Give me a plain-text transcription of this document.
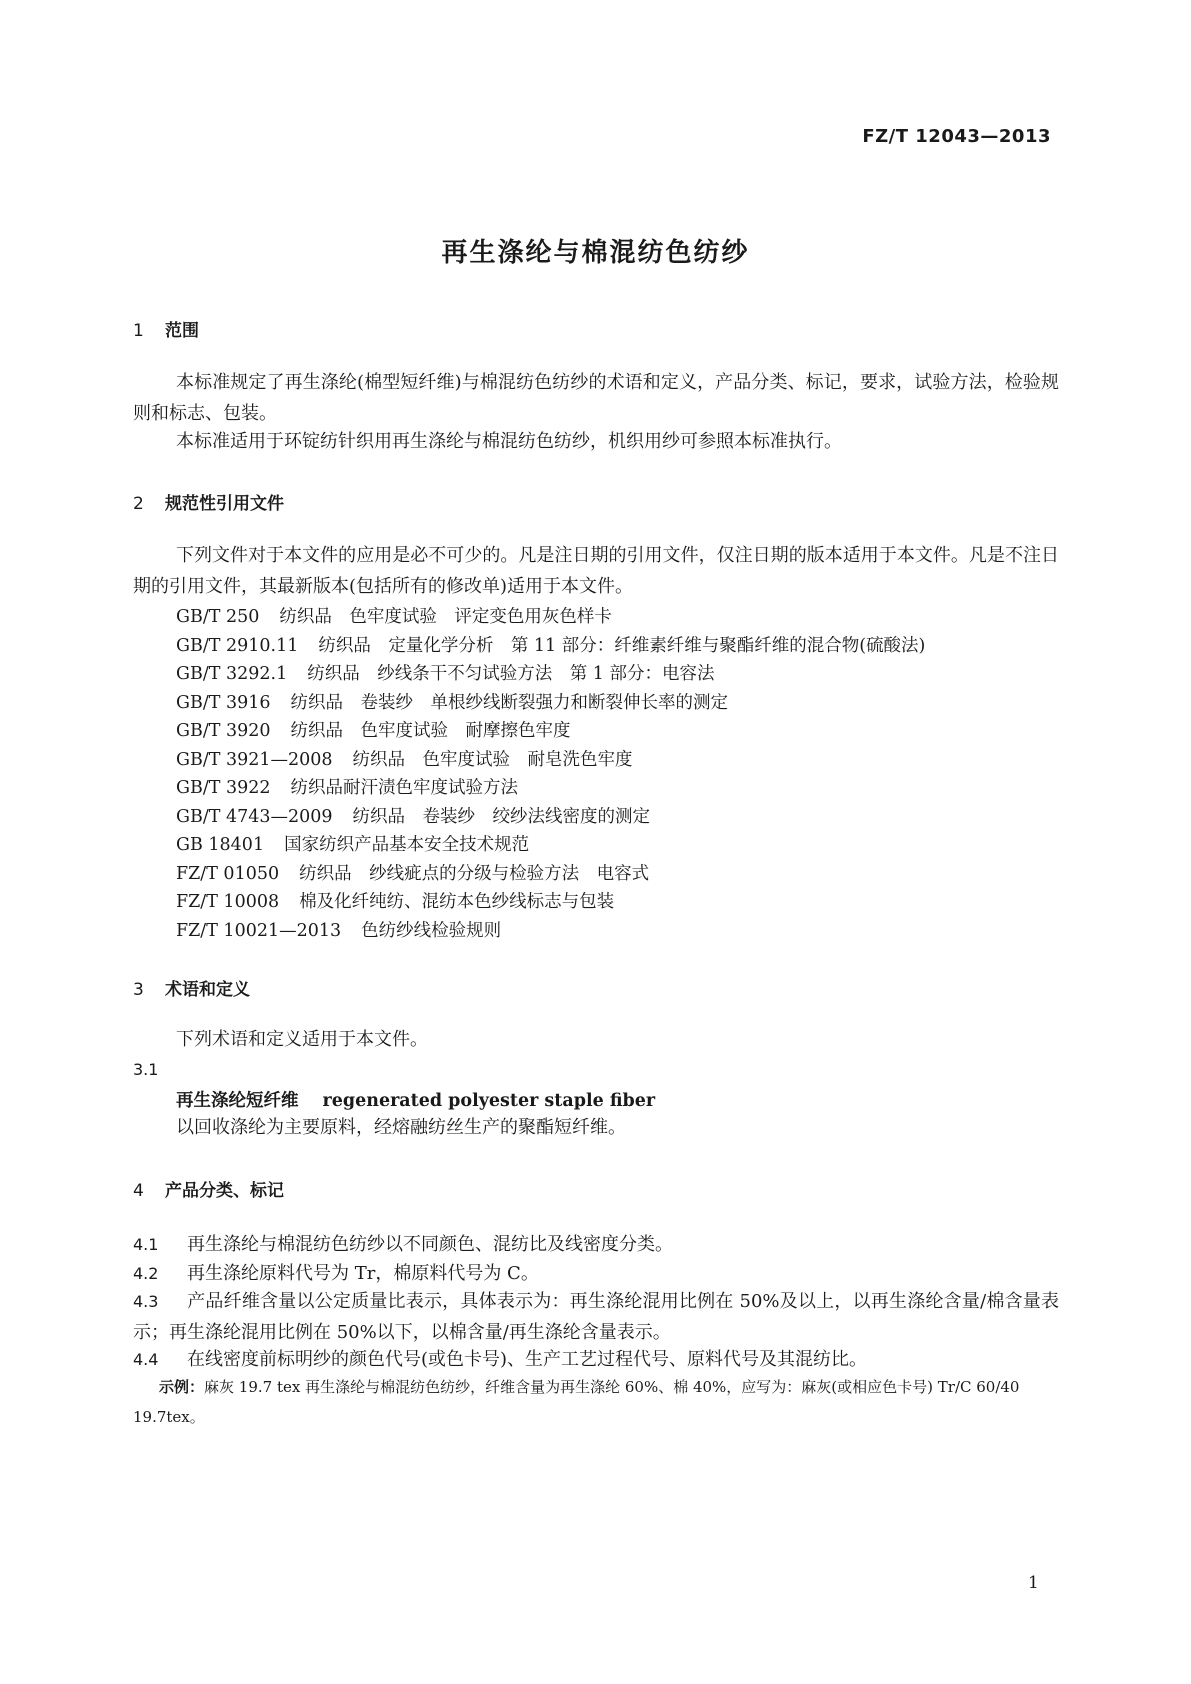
FZ/T 12043—2013
再生涤纶与棉混纺色纺纱
1 范围
本标准规定了再生涤纶(棉型短纤维)与棉混纺色纺纱的术语和定义，产品分类、标记，要求，试验方法，检验规则和标志、包装。
本标准适用于环锭纺针织用再生涤纶与棉混纺色纺纱，机织用纱可参照本标准执行。
2 规范性引用文件
下列文件对于本文件的应用是必不可少的。凡是注日期的引用文件，仅注日期的版本适用于本文件。凡是不注日期的引用文件，其最新版本(包括所有的修改单)适用于本文件。
GB/T 250 纺织品　色牢度试验　评定变色用灰色样卡
GB/T 2910.11 纺织品　定量化学分析　第 11 部分：纤维素纤维与聚酯纤维的混合物(硫酸法)
GB/T 3292.1 纺织品　纱线条干不匀试验方法　第 1 部分：电容法
GB/T 3916 纺织品　卷装纱　单根纱线断裂强力和断裂伸长率的测定
GB/T 3920 纺织品　色牢度试验　耐摩擦色牢度
GB/T 3921—2008 纺织品　色牢度试验　耐皂洗色牢度
GB/T 3922 纺织品耐汗渍色牢度试验方法
GB/T 4743—2009 纺织品　卷装纱　绞纱法线密度的测定
GB 18401 国家纺织产品基本安全技术规范
FZ/T 01050 纺织品　纱线疵点的分级与检验方法　电容式
FZ/T 10008 棉及化纤纯纺、混纺本色纱线标志与包装
FZ/T 10021—2013 色纺纱线检验规则
3 术语和定义
下列术语和定义适用于本文件。
3.1
再生涤纶短纤维 regenerated polyester staple fiber
以回收涤纶为主要原料，经熔融纺丝生产的聚酯短纤维。
4 产品分类、标记
4.1 再生涤纶与棉混纺色纺纱以不同颜色、混纺比及线密度分类。
4.2 再生涤纶原料代号为 Tr，棉原料代号为 C。
4.3 产品纤维含量以公定质量比表示，具体表示为：再生涤纶混用比例在 50%及以上，以再生涤纶含量/棉含量表示；再生涤纶混用比例在 50%以下，以棉含量/再生涤纶含量表示。
4.4 在线密度前标明纱的颜色代号(或色卡号)、生产工艺过程代号、原料代号及其混纺比。
示例：麻灰 19.7 tex 再生涤纶与棉混纺色纺纱，纤维含量为再生涤纶 60%、棉 40%，应写为：麻灰(或相应色卡号) Tr/C 60/40 19.7tex。
1
